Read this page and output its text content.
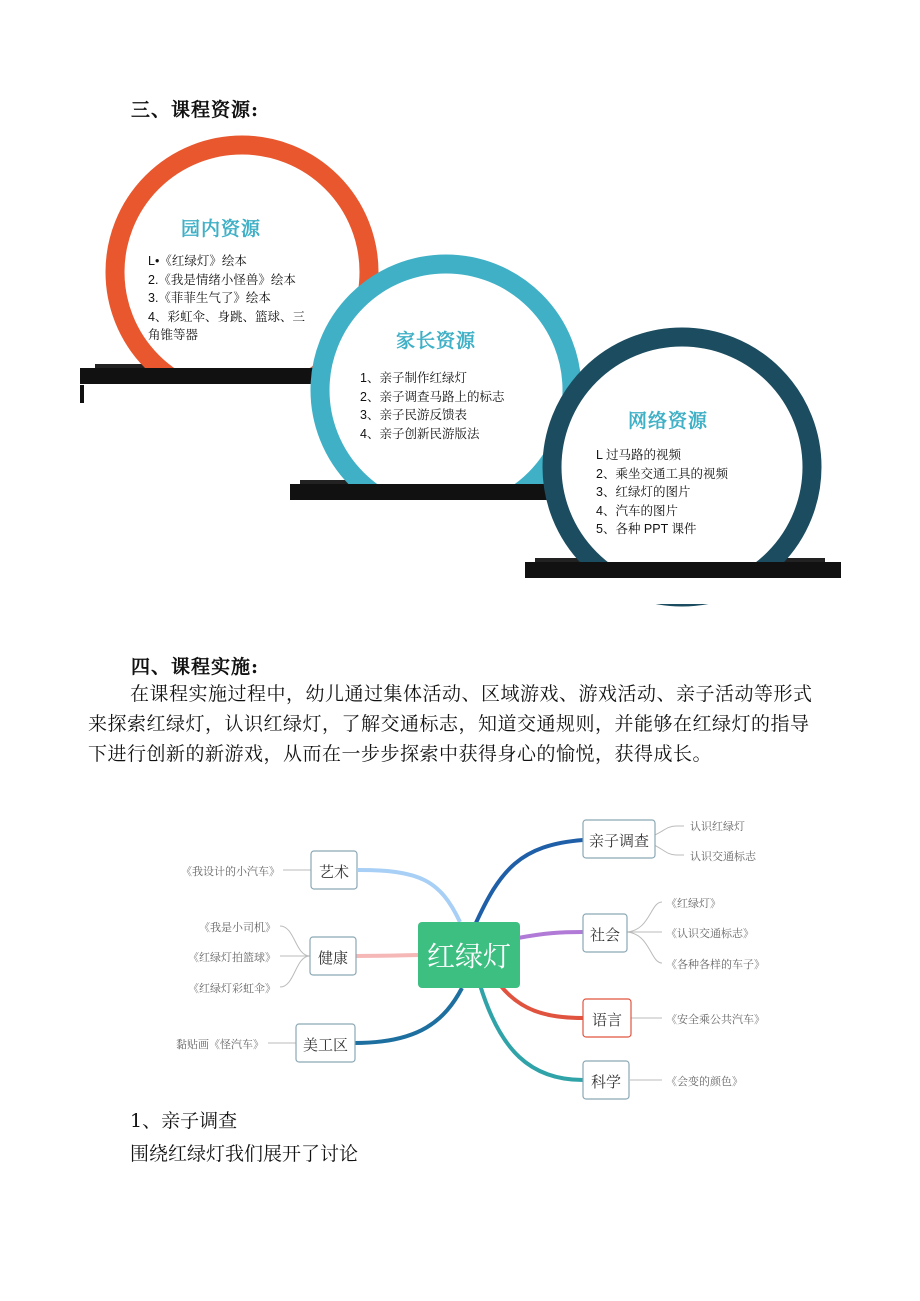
三、课程资源:
园内资源
L•《红绿灯》绘本
2.《我是情绪小怪兽》绘本
3.《菲菲生气了》绘本
4、彩虹伞、身跳、篮球、三
角锥等器	家长资源
1、亲子制作红绿灯
2、亲子调查马路上的标志
3、亲子民游反馈表
4、亲子创新民游版法
网络资源
L 过马路的视频
2、乘坐交通工具的视频
3、红绿灯的图片
4、汽车的图片
5、各种 PPT 课件
四、课程实施:
在课程实施过程中，幼儿通过集体活动、区域游戏、游戏活动、亲子活动等形式
来探索红绿灯，认识红绿灯，了解交通标志，知道交通规则，并能够在红绿灯的指导
下进行创新的新游戏，从而在一步步探索中获得身心的愉悦，获得成长。
红绿灯
亲子调查
社会
语言
科学
艺术
健康
美工区
认识红绿灯
认识交通标志
《红绿灯》
《认识交通标志》
《各种各样的车子》
《安全乘公共汽车》
《会变的颜色》
《我设计的小汽车》
《我是小司机》
《红绿灯拍篮球》
《红绿灯彩虹伞》
黏贴画《怪汽车》
1、亲子调查
围绕红绿灯我们展开了讨论
